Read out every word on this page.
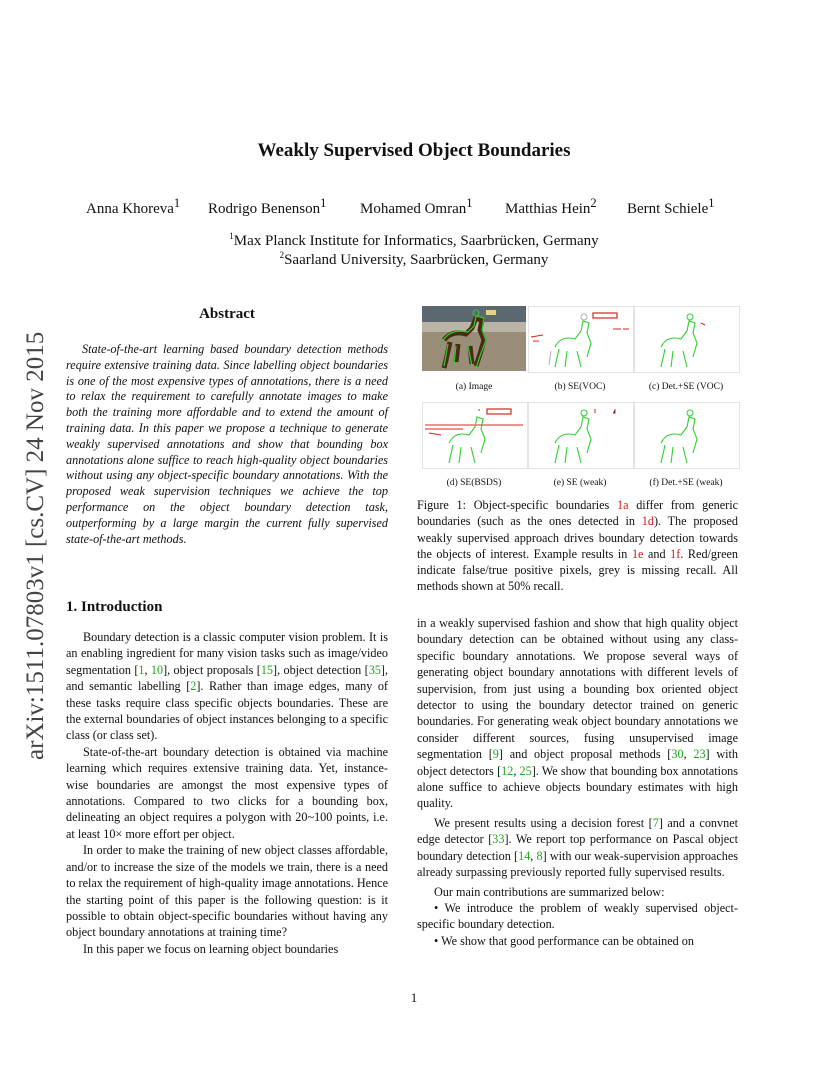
Weakly Supervised Object Boundaries
Anna Khoreva$^1$ Rodrigo Benenson$^1$ Mohamed Omran$^1$ Matthias Hein$^2$ Bernt Schiele$^1$
$^1$Max Planck Institute for Informatics, Saarbrücken, Germany
$^2$Saarland University, Saarbrücken, Germany
arXiv:1511.07803v1 [cs.CV] 24 Nov 2015
Abstract
State-of-the-art learning based boundary detection methods require extensive training data. Since labelling object boundaries is one of the most expensive types of annotations, there is a need to relax the requirement to carefully annotate images to make both the training more affordable and to extend the amount of training data. In this paper we propose a technique to generate weakly supervised annotations and show that bounding box annotations alone suffice to reach high-quality object boundaries without using any object-specific boundary annotations. With the proposed weak supervision techniques we achieve the top performance on the object boundary detection task, outperforming by a large margin the current fully supervised state-of-the-art methods.
1. Introduction

Boundary detection is a classic computer vision problem. It is an enabling ingredient for many vision tasks such as image/video segmentation [1, 10], object proposals [15], object detection [35], and semantic labelling [2]. Rather than image edges, many of these tasks require class specific objects boundaries. These are the external boundaries of object instances belonging to a specific class (or class set).

State-of-the-art boundary detection is obtained via machine learning which requires extensive training data. Yet, instance-wise boundaries are amongst the most expensive types of annotations. Compared to two clicks for a bounding box, delineating an object requires a polygon with 20~100 points, i.e. at least 10× more effort per object.

In order to make the training of new object classes affordable, and/or to increase the size of the models we train, there is a need to relax the requirement of high-quality image annotations. Hence the starting point of this paper is the following question: is it possible to obtain object-specific boundaries without having any object boundary annotations at training time?

In this paper we focus on learning object boundaries

(a) Image	(b) SE(VOC)	(c) Det.+SE (VOC)
(d) SE(BSDS)	(e) SE (weak)	(f) Det.+SE (weak)
Figure 1: Object-specific boundaries 1a differ from generic boundaries (such as the ones detected in 1d). The proposed weakly supervised approach drives boundary detection towards the objects of interest. Example results in 1e and 1f. Red/green indicate false/true positive pixels, grey is missing recall. All methods shown at 50% recall.

in a weakly supervised fashion and show that high quality object boundary detection can be obtained without using any class-specific boundary annotations. We propose several ways of generating object boundary annotations with different levels of supervision, from just using a bounding box oriented object detector to using the boundary detector trained on generic boundaries. For generating weak object boundary annotations we consider different sources, fusing unsupervised image segmentation [9] and object proposal methods [30, 23] with object detectors [12, 25]. We show that bounding box annotations alone suffice to achieve objects boundary estimates with high quality.

We present results using a decision forest [7] and a convnet edge detector [33]. We report top performance on Pascal object boundary detection [14, 8] with our weak-supervision approaches already surpassing previously reported fully supervised results.

Our main contributions are summarized below:

• We introduce the problem of weakly supervised object-specific boundary detection.

• We show that good performance can be obtained on

1
